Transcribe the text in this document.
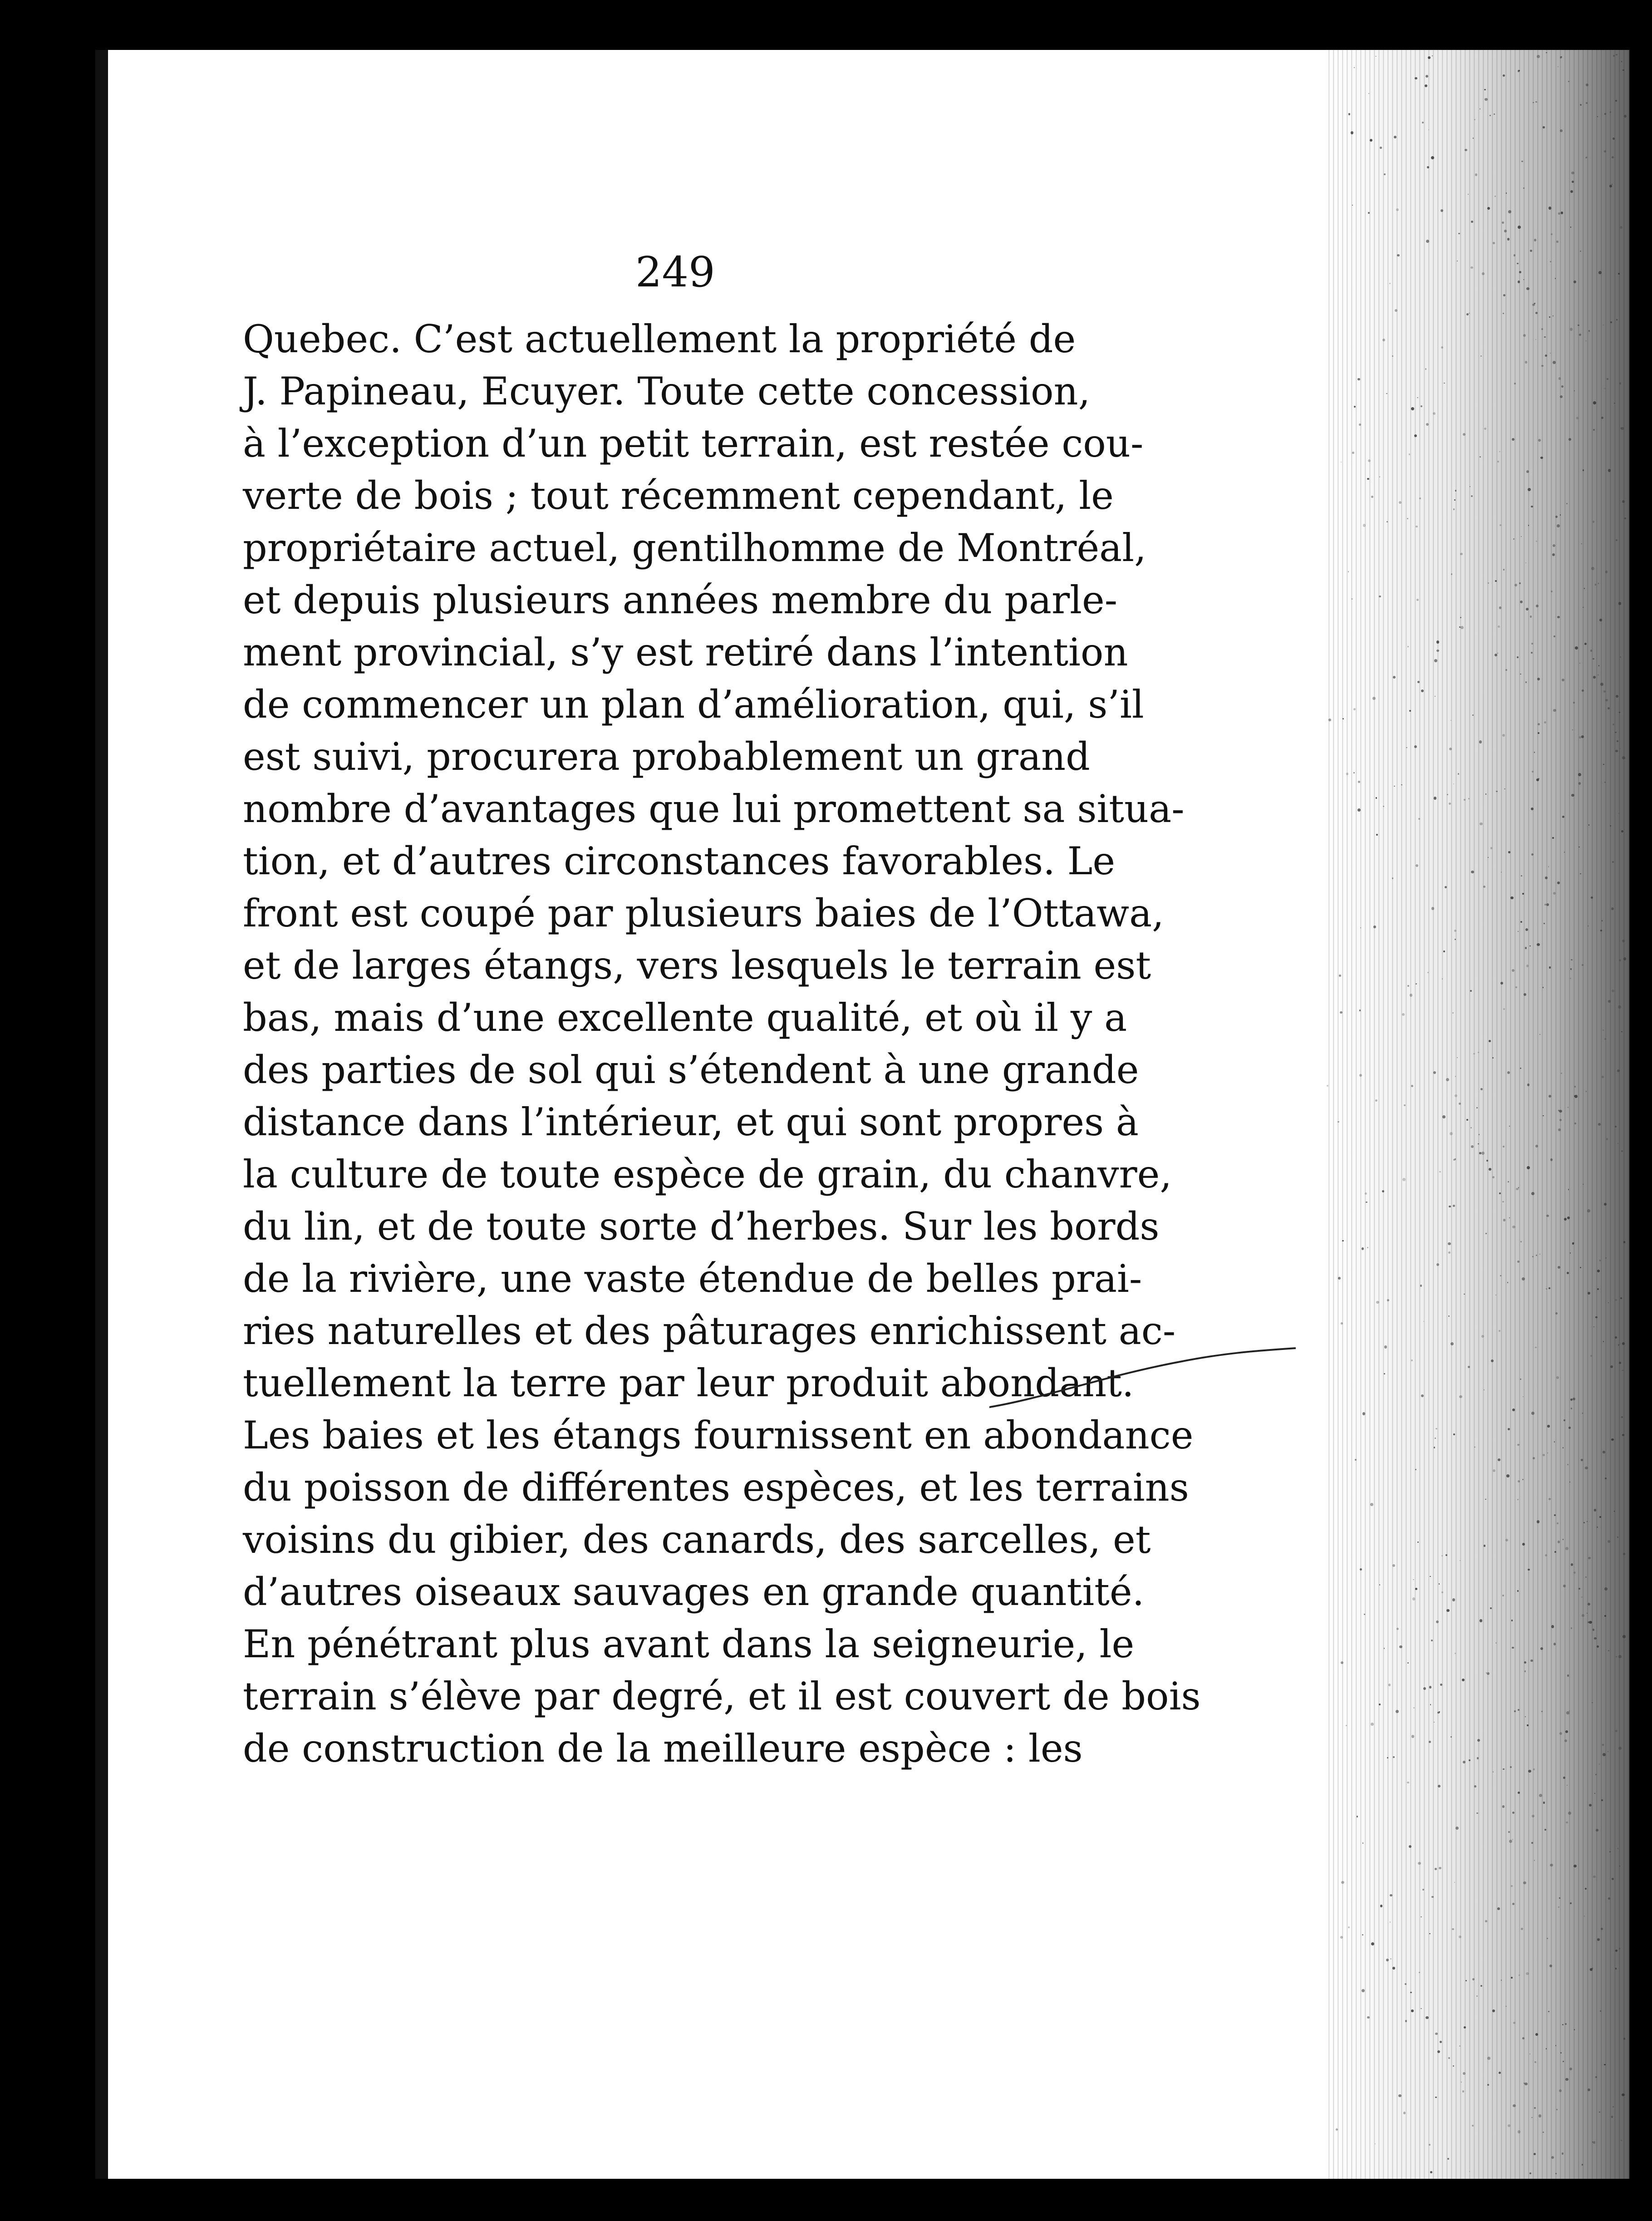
249
Quebec. C’est actuellement la propriété de
J. Papineau, Ecuyer. Toute cette concession,
à l’exception d’un petit terrain, est restée cou-
verte de bois ; tout récemment cependant, le
propriétaire actuel, gentilhomme de Montréal,
et depuis plusieurs années membre du parle-
ment provincial, s’y est retiré dans l’intention
de commencer un plan d’amélioration, qui, s’il
est suivi, procurera probablement un grand
nombre d’avantages que lui promettent sa situa-
tion, et d’autres circonstances favorables. Le
front est coupé par plusieurs baies de l’Ottawa,
et de larges étangs, vers lesquels le terrain est
bas, mais d’une excellente qualité, et où il y a
des parties de sol qui s’étendent à une grande
distance dans l’intérieur, et qui sont propres à
la culture de toute espèce de grain, du chanvre,
du lin, et de toute sorte d’herbes. Sur les bords
de la rivière, une vaste étendue de belles prai-
ries naturelles et des pâturages enrichissent ac-
tuellement la terre par leur produit abondant.
Les baies et les étangs fournissent en abondance
du poisson de différentes espèces, et les terrains
voisins du gibier, des canards, des sarcelles, et
d’autres oiseaux sauvages en grande quantité.
En pénétrant plus avant dans la seigneurie, le
terrain s’élève par degré, et il est couvert de bois
de construction de la meilleure espèce : les
